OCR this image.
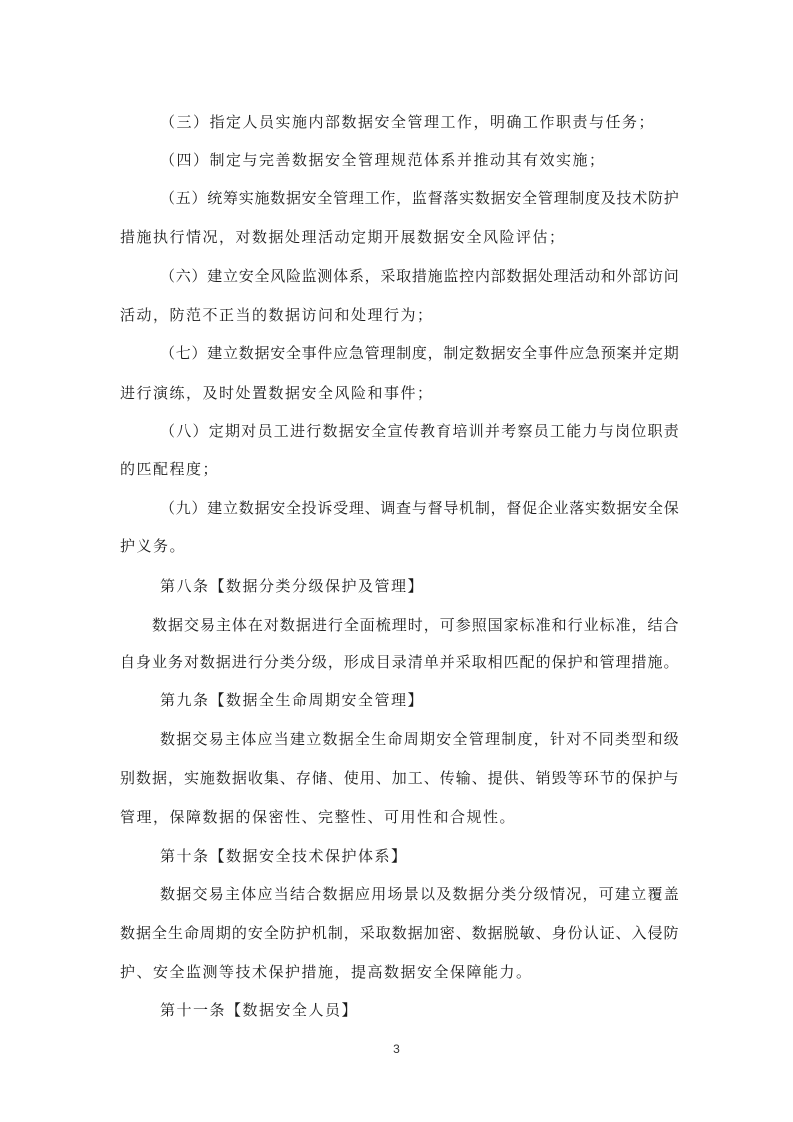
（三）指定人员实施内部数据安全管理工作，明确工作职责与任务；
（四）制定与完善数据安全管理规范体系并推动其有效实施；
（五）统筹实施数据安全管理工作，监督落实数据安全管理制度及技术防护
措施执行情况，对数据处理活动定期开展数据安全风险评估；
（六）建立安全风险监测体系，采取措施监控内部数据处理活动和外部访问
活动，防范不正当的数据访问和处理行为；
（七）建立数据安全事件应急管理制度，制定数据安全事件应急预案并定期
进行演练，及时处置数据安全风险和事件；
（八）定期对员工进行数据安全宣传教育培训并考察员工能力与岗位职责
的匹配程度；
（九）建立数据安全投诉受理、调查与督导机制，督促企业落实数据安全保
护义务。
第八条【数据分类分级保护及管理】
数据交易主体在对数据进行全面梳理时，可参照国家标准和行业标准，结合
自身业务对数据进行分类分级，形成目录清单并采取相匹配的保护和管理措施。
第九条【数据全生命周期安全管理】
数据交易主体应当建立数据全生命周期安全管理制度，针对不同类型和级
别数据，实施数据收集、存储、使用、加工、传输、提供、销毁等环节的保护与
管理，保障数据的保密性、完整性、可用性和合规性。
第十条【数据安全技术保护体系】
数据交易主体应当结合数据应用场景以及数据分类分级情况，可建立覆盖
数据全生命周期的安全防护机制，采取数据加密、数据脱敏、身份认证、入侵防
护、安全监测等技术保护措施，提高数据安全保障能力。
第十一条【数据安全人员】
3
